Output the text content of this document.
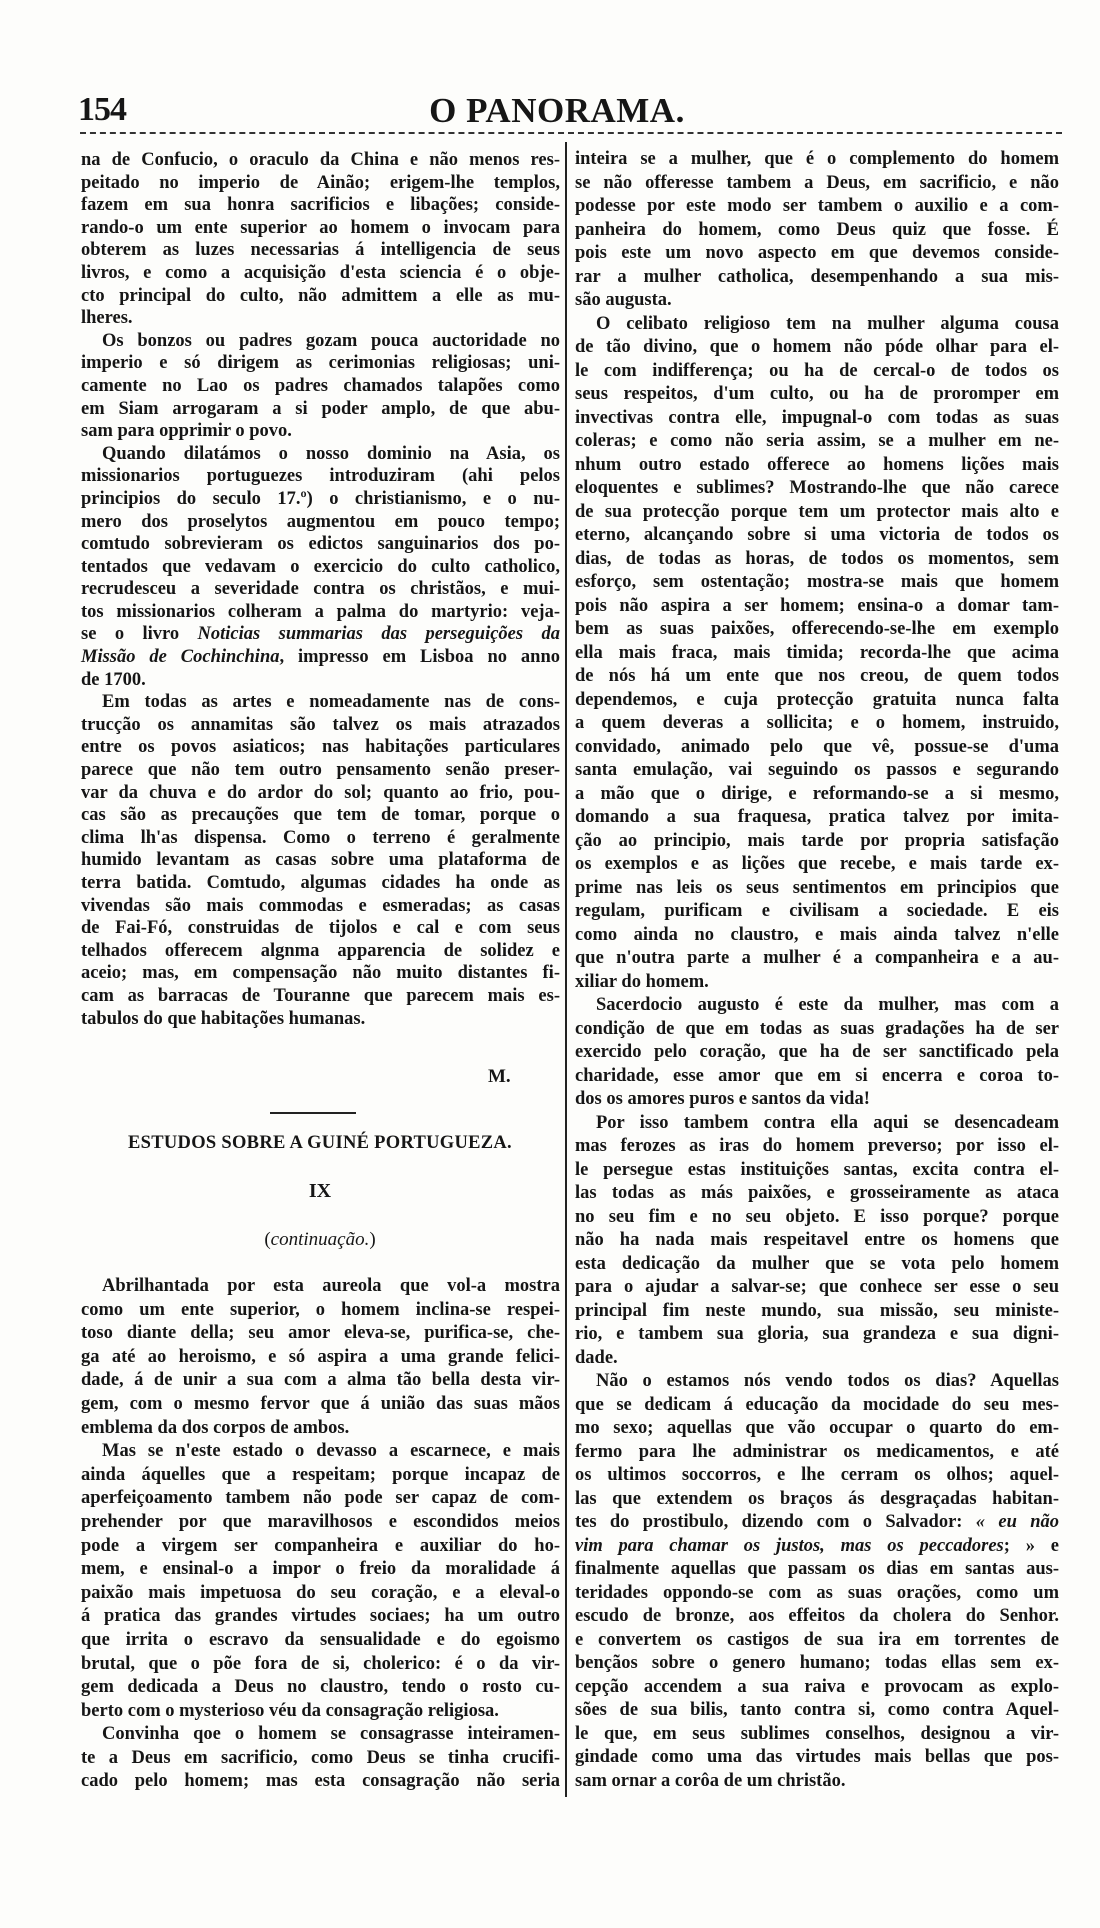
154	O PANORAMA.
na de Confucio, o oraculo da China e não menos res-
peitado no imperio de Ainão; erigem-lhe templos,
fazem em sua honra sacrificios e libações; conside-
rando-o um ente superior ao homem o invocam para
obterem as luzes necessarias á intelligencia de seus
livros, e como a acquisição d'esta sciencia é o obje-
cto principal do culto, não admittem a elle as mu-
lheres.
Os bonzos ou padres gozam pouca auctoridade no
imperio e só dirigem as cerimonias religiosas; uni-
camente no Lao os padres chamados talapões como
em Siam arrogaram a si poder amplo, de que abu-
sam para opprimir o povo.
Quando dilatámos o nosso dominio na Asia, os
missionarios portuguezes introduziram (ahi pelos
principios do seculo 17.º) o christianismo, e o nu-
mero dos proselytos augmentou em pouco tempo;
comtudo sobrevieram os edictos sanguinarios dos po-
tentados que vedavam o exercicio do culto catholico,
recrudesceu a severidade contra os christãos, e mui-
tos missionarios colheram a palma do martyrio: veja-
se o livro Noticias summarias das perseguições da
Missão de Cochinchina, impresso em Lisboa no anno
de 1700.
Em todas as artes e nomeadamente nas de cons-
trucção os annamitas são talvez os mais atrazados
entre os povos asiaticos; nas habitações particulares
parece que não tem outro pensamento senão preser-
var da chuva e do ardor do sol; quanto ao frio, pou-
cas são as precauções que tem de tomar, porque o
clima lh'as dispensa. Como o terreno é geralmente
humido levantam as casas sobre uma plataforma de
terra batida. Comtudo, algumas cidades ha onde as
vivendas são mais commodas e esmeradas; as casas
de Fai-Fó, construidas de tijolos e cal e com seus
telhados offerecem algnma apparencia de solidez e
aceio; mas, em compensação não muito distantes fi-
cam as barracas de Touranne que parecem mais es-
tabulos do que habitações humanas.
M.
ESTUDOS SOBRE A GUINÉ PORTUGUEZA.
IX
(continuação.)
Abrilhantada por esta aureola que vol-a mostra
como um ente superior, o homem inclina-se respei-
toso diante della; seu amor eleva-se, purifica-se, che-
ga até ao heroismo, e só aspira a uma grande felici-
dade, á de unir a sua com a alma tão bella desta vir-
gem, com o mesmo fervor que á união das suas mãos
emblema da dos corpos de ambos.
Mas se n'este estado o devasso a escarnece, e mais
ainda áquelles que a respeitam; porque incapaz de
aperfeiçoamento tambem não pode ser capaz de com-
prehender por que maravilhosos e escondidos meios
pode a virgem ser companheira e auxiliar do ho-
mem, e ensinal-o a impor o freio da moralidade á
paixão mais impetuosa do seu coração, e a eleval-o
á pratica das grandes virtudes sociaes; ha um outro
que irrita o escravo da sensualidade e do egoismo
brutal, que o põe fora de si, cholerico: é o da vir-
gem dedicada a Deus no claustro, tendo o rosto cu-
berto com o mysterioso véu da consagração religiosa.
Convinha qoe o homem se consagrasse inteiramen-
te a Deus em sacrificio, como Deus se tinha crucifi-
cado pelo homem; mas esta consagração não seria
inteira se a mulher, que é o complemento do homem
se não offeresse tambem a Deus, em sacrificio, e não
podesse por este modo ser tambem o auxilio e a com-
panheira do homem, como Deus quiz que fosse. É
pois este um novo aspecto em que devemos conside-
rar a mulher catholica, desempenhando a sua mis-
são augusta.
O celibato religioso tem na mulher alguma cousa
de tão divino, que o homem não póde olhar para el-
le com indifferença; ou ha de cercal-o de todos os
seus respeitos, d'um culto, ou ha de proromper em
invectivas contra elle, impugnal-o com todas as suas
coleras; e como não seria assim, se a mulher em ne-
nhum outro estado offerece ao homens lições mais
eloquentes e sublimes? Mostrando-lhe que não carece
de sua protecção porque tem um protector mais alto e
eterno, alcançando sobre si uma victoria de todos os
dias, de todas as horas, de todos os momentos, sem
esforço, sem ostentação; mostra-se mais que homem
pois não aspira a ser homem; ensina-o a domar tam-
bem as suas paixões, offerecendo-se-lhe em exemplo
ella mais fraca, mais timida; recorda-lhe que acima
de nós há um ente que nos creou, de quem todos
dependemos, e cuja protecção gratuita nunca falta
a quem deveras a sollicita; e o homem, instruido,
convidado, animado pelo que vê, possue-se d'uma
santa emulação, vai seguindo os passos e segurando
a mão que o dirige, e reformando-se a si mesmo,
domando a sua fraquesa, pratica talvez por imita-
ção ao principio, mais tarde por propria satisfação
os exemplos e as lições que recebe, e mais tarde ex-
prime nas leis os seus sentimentos em principios que
regulam, purificam e civilisam a sociedade. E eis
como ainda no claustro, e mais ainda talvez n'elle
que n'outra parte a mulher é a companheira e a au-
xiliar do homem.
Sacerdocio augusto é este da mulher, mas com a
condição de que em todas as suas gradações ha de ser
exercido pelo coração, que ha de ser sanctificado pela
charidade, esse amor que em si encerra e coroa to-
dos os amores puros e santos da vida!
Por isso tambem contra ella aqui se desencadeam
mas ferozes as iras do homem preverso; por isso el-
le persegue estas instituições santas, excita contra el-
las todas as más paixões, e grosseiramente as ataca
no seu fim e no seu objeto. E isso porque? porque
não ha nada mais respeitavel entre os homens que
esta dedicação da mulher que se vota pelo homem
para o ajudar a salvar-se; que conhece ser esse o seu
principal fim neste mundo, sua missão, seu ministe-
rio, e tambem sua gloria, sua grandeza e sua digni-
dade.
Não o estamos nós vendo todos os dias? Aquellas
que se dedicam á educação da mocidade do seu mes-
mo sexo; aquellas que vão occupar o quarto do em-
fermo para lhe administrar os medicamentos, e até
os ultimos soccorros, e lhe cerram os olhos; aquel-
las que extendem os braços ás desgraçadas habitan-
tes do prostibulo, dizendo com o Salvador: « eu não
vim para chamar os justos, mas os peccadores; » e
finalmente aquellas que passam os dias em santas aus-
teridades oppondo-se com as suas orações, como um
escudo de bronze, aos effeitos da cholera do Senhor.
e convertem os castigos de sua ira em torrentes de
bençãos sobre o genero humano; todas ellas sem ex-
cepção accendem a sua raiva e provocam as explo-
sões de sua bilis, tanto contra si, como contra Aquel-
le que, em seus sublimes conselhos, designou a vir-
gindade como uma das virtudes mais bellas que pos-
sam ornar a corôa de um christão.
